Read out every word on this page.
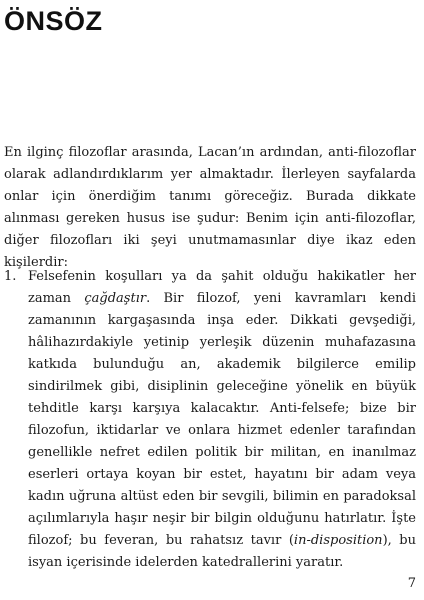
ÖNSÖZ

En ilginç filozoflar arasında, Lacan’ın ardından, anti-filozoflar olarak adlandırdıklarım yer almaktadır. İlerleyen sayfalarda onlar için önerdiğim tanımı göreceğiz. Burada dikkate alınması gereken husus ise şudur: Benim için anti-filozoflar, diğer filozofları iki şeyi unutmamasınlar diye ikaz eden kişilerdir:

1. Felsefenin koşulları ya da şahit olduğu hakikatler her zaman çağdaştır. Bir filozof, yeni kavramları kendi zamanının kargaşasında inşa eder. Dikkati gevşediği, hâlihazırdakiyle yetinip yerleşik düzenin muhafazasına katkıda bulunduğu an, akademik bilgilerce emilip sindirilmek gibi, disiplinin geleceğine yönelik en büyük tehditle karşı karşıya kalacaktır. Anti-felsefe; bize bir filozofun, iktidarlar ve onlara hizmet edenler tarafından genellikle nefret edilen politik bir militan, en inanılmaz eserleri ortaya koyan bir estet, hayatını bir adam veya kadın uğruna altüst eden bir sevgili, bilimin en paradoksal açılımlarıyla haşır neşir bir bilgin olduğunu hatırlatır. İşte filozof; bu feveran, bu rahatsız tavır (in-disposition), bu isyan içerisinde idelerden katedrallerini yaratır.

7
